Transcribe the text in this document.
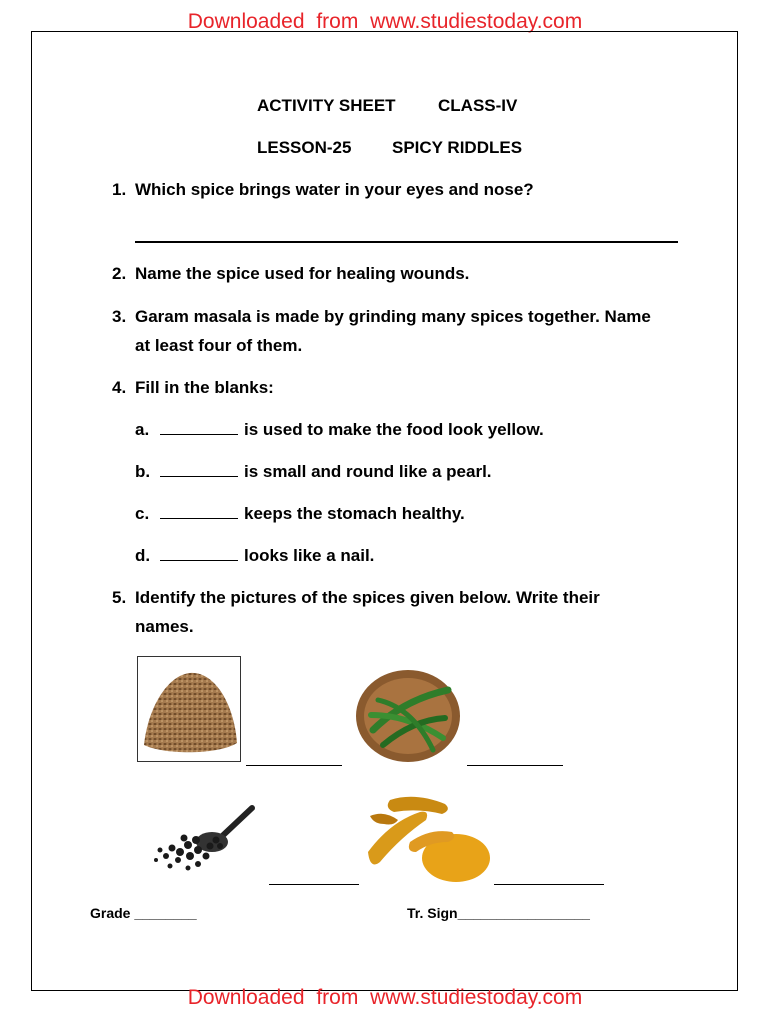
Downloaded from www.studiestoday.com
ACTIVITY SHEET CLASS-IV
LESSON-25 SPICY RIDDLES
1. Which spice brings water in your eyes and nose?
2. Name the spice used for healing wounds.
3. Garam masala is made by grinding many spices together. Name
at least four of them.
4. Fill in the blanks:
a.	is used to make the food look yellow.
b.	is small and round like a pearl.
c.	keeps the stomach healthy.
d.	looks like a nail.
5. Identify the pictures of the spices given below. Write their
names.
Grade ________	Tr. Sign_________________
Downloaded from www.studiestoday.com
